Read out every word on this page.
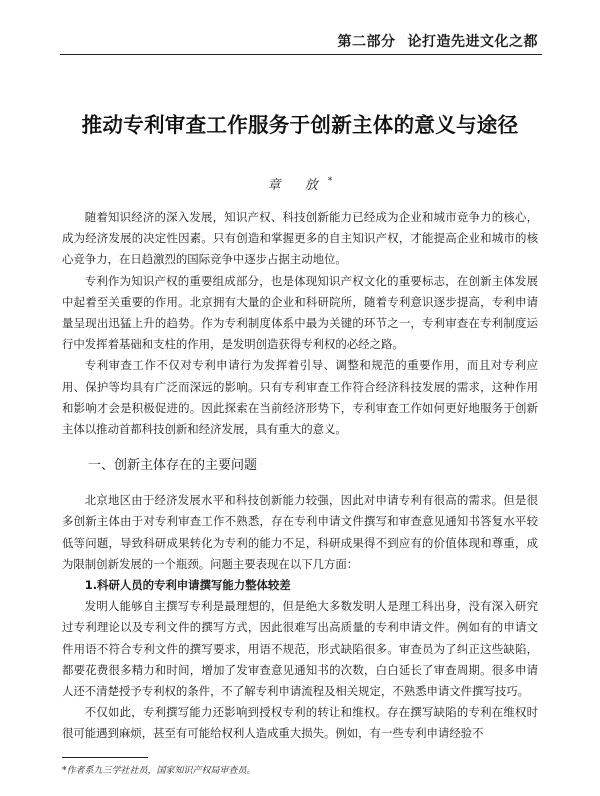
第二部分 论打造先进文化之都
推动专利审查工作服务于创新主体的意义与途径
章 放*

随着知识经济的深入发展，知识产权、科技创新能力已经成为企业和城市竞争力的核心，成为经济发展的决定性因素。只有创造和掌握更多的自主知识产权，才能提高企业和城市的核心竞争力，在日趋激烈的国际竞争中逐步占据主动地位。

专利作为知识产权的重要组成部分，也是体现知识产权文化的重要标志，在创新主体发展中起着至关重要的作用。北京拥有大量的企业和科研院所，随着专利意识逐步提高，专利申请量呈现出迅猛上升的趋势。作为专利制度体系中最为关键的环节之一，专利审查在专利制度运行中发挥着基础和支柱的作用，是发明创造获得专利权的必经之路。

专利审查工作不仅对专利申请行为发挥着引导、调整和规范的重要作用，而且对专利应用、保护等均具有广泛而深远的影响。只有专利审查工作符合经济科技发展的需求，这种作用和影响才会是积极促进的。因此探索在当前经济形势下，专利审查工作如何更好地服务于创新主体以推动首都科技创新和经济发展，具有重大的意义。

一、创新主体存在的主要问题

北京地区由于经济发展水平和科技创新能力较强，因此对申请专利有很高的需求。但是很多创新主体由于对专利审查工作不熟悉，存在专利申请文件撰写和审查意见通知书答复水平较低等问题，导致科研成果转化为专利的能力不足，科研成果得不到应有的价值体现和尊重，成为限制创新发展的一个瓶颈。问题主要表现在以下几方面：

1.科研人员的专利申请撰写能力整体较差

发明人能够自主撰写专利是最理想的，但是绝大多数发明人是理工科出身，没有深入研究过专利理论以及专利文件的撰写方式，因此很难写出高质量的专利申请文件。例如有的申请文件用语不符合专利文件的撰写要求，用语不规范，形式缺陷很多。审查员为了纠正这些缺陷，都要花费很多精力和时间，增加了发审查意见通知书的次数，白白延长了审查周期。很多申请人还不清楚授予专利权的条件，不了解专利申请流程及相关规定，不熟悉申请文件撰写技巧。

不仅如此，专利撰写能力还影响到授权专利的转让和维权。存在撰写缺陷的专利在维权时很可能遇到麻烦，甚至有可能给权利人造成重大损失。例如，有一些专利申请经验不

*作者系九三学社社员，国家知识产权局审查员。
